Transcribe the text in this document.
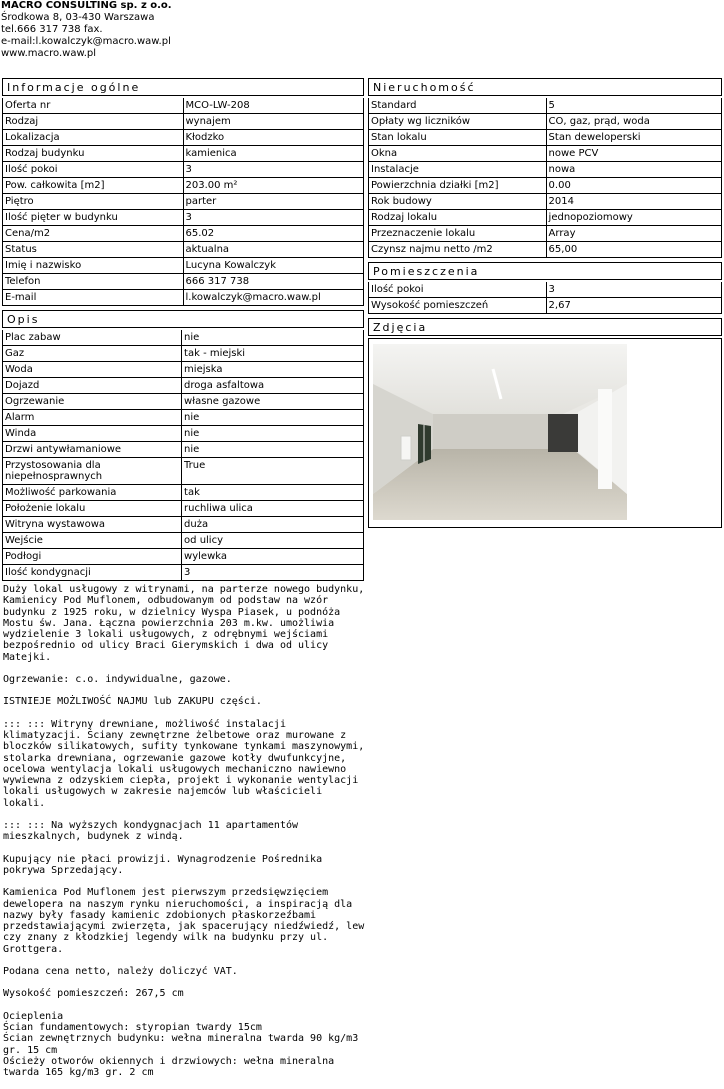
MACRO CONSULTING sp. z o.o.
Środkowa 8, 03-430 Warszawa
tel.666 317 738 fax.
e-mail:l.kowalczyk@macro.waw.pl
www.macro.waw.pl
Informacje ogólne
Oferta nr	MCO-LW-208
Rodzaj	wynajem
Lokalizacja	Kłodzko
Rodzaj budynku	kamienica
Ilość pokoi	3
Pow. całkowita [m2]	203.00 m²
Piętro	parter
Ilość pięter w budynku	3
Cena/m2	65.02
Status	aktualna
Imię i nazwisko	Lucyna Kowalczyk
Telefon	666 317 738
E-mail	l.kowalczyk@macro.waw.pl
Opis
Plac zabaw	nie
Gaz	tak - miejski
Woda	miejska
Dojazd	droga asfaltowa
Ogrzewanie	własne gazowe
Alarm	nie
Winda	nie
Drzwi antywłamaniowe	nie
Przystosowania dla niepełnosprawnych	True
Możliwość parkowania	tak
Położenie lokalu	ruchliwa ulica
Witryna wystawowa	duża
Wejście	od ulicy
Podłogi	wylewka
Ilość kondygnacji	3

Duży lokal usługowy z witrynami, na parterze nowego budynku, Kamienicy Pod Muflonem, odbudowanym od podstaw na wzór budynku z 1925 roku, w dzielnicy Wyspa Piasek, u podnóża Mostu św. Jana. Łączna powierzchnia 203 m.kw. umożliwia wydzielenie 3 lokali usługowych, z odrębnymi wejściami bezpośrednio od ulicy Braci Gierymskich i dwa od ulicy Matejki.

Ogrzewanie: c.o. indywidualne, gazowe.

ISTNIEJE MOŻLIWOŚĆ NAJMU lub ZAKUPU części.

::: ::: Witryny drewniane, możliwość instalacji klimatyzacji. Ściany zewnętrzne żelbetowe oraz murowane z bloczków silikatowych, sufity tynkowane tynkami maszynowymi, stolarka drewniana, ogrzewanie gazowe kotły dwufunkcyjne, ocelowa wentylacja lokali usługowych mechaniczno nawiewno wywiewna z odzyskiem ciepła, projekt i wykonanie wentylacji lokali usługowych w zakresie najemców lub właścicieli lokali.

::: ::: Na wyższych kondygnacjach 11 apartamentów mieszkalnych, budynek z windą.

Kupujący nie płaci prowizji. Wynagrodzenie Pośrednika pokrywa Sprzedający.

Kamienica Pod Muflonem jest pierwszym przedsięwzięciem dewelopera na naszym rynku nieruchomości, a inspiracją dla nazwy były fasady kamienic zdobionych płaskorzeźbami przedstawiającymi zwierzęta, jak spacerujący niedźwiedź, lew czy znany z kłodzkiej legendy wilk na budynku przy ul. Grottgera.

Podana cena netto, należy doliczyć VAT.

Wysokość pomieszczeń: 267,5 cm

Ocieplenia
Ścian fundamentowych: styropian twardy 15cm
Ścian zewnętrznych budynku: wełna mineralna twarda 90 kg/m3 gr. 15 cm
Ościeży otworów okiennych i drzwiowych: wełna mineralna twarda 165 kg/m3 gr. 2 cm

Nieruchomość
Standard	5
Opłaty wg liczników	CO, gaz, prąd, woda
Stan lokalu	Stan deweloperski
Okna	nowe PCV
Instalacje	nowa
Powierzchnia działki [m2]	0.00
Rok budowy	2014
Rodzaj lokalu	jednopoziomowy
Przeznaczenie lokalu	Array
Czynsz najmu netto /m2	65,00
Pomieszczenia
Ilość pokoi	3
Wysokość pomieszczeń	2,67
Zdjęcia
